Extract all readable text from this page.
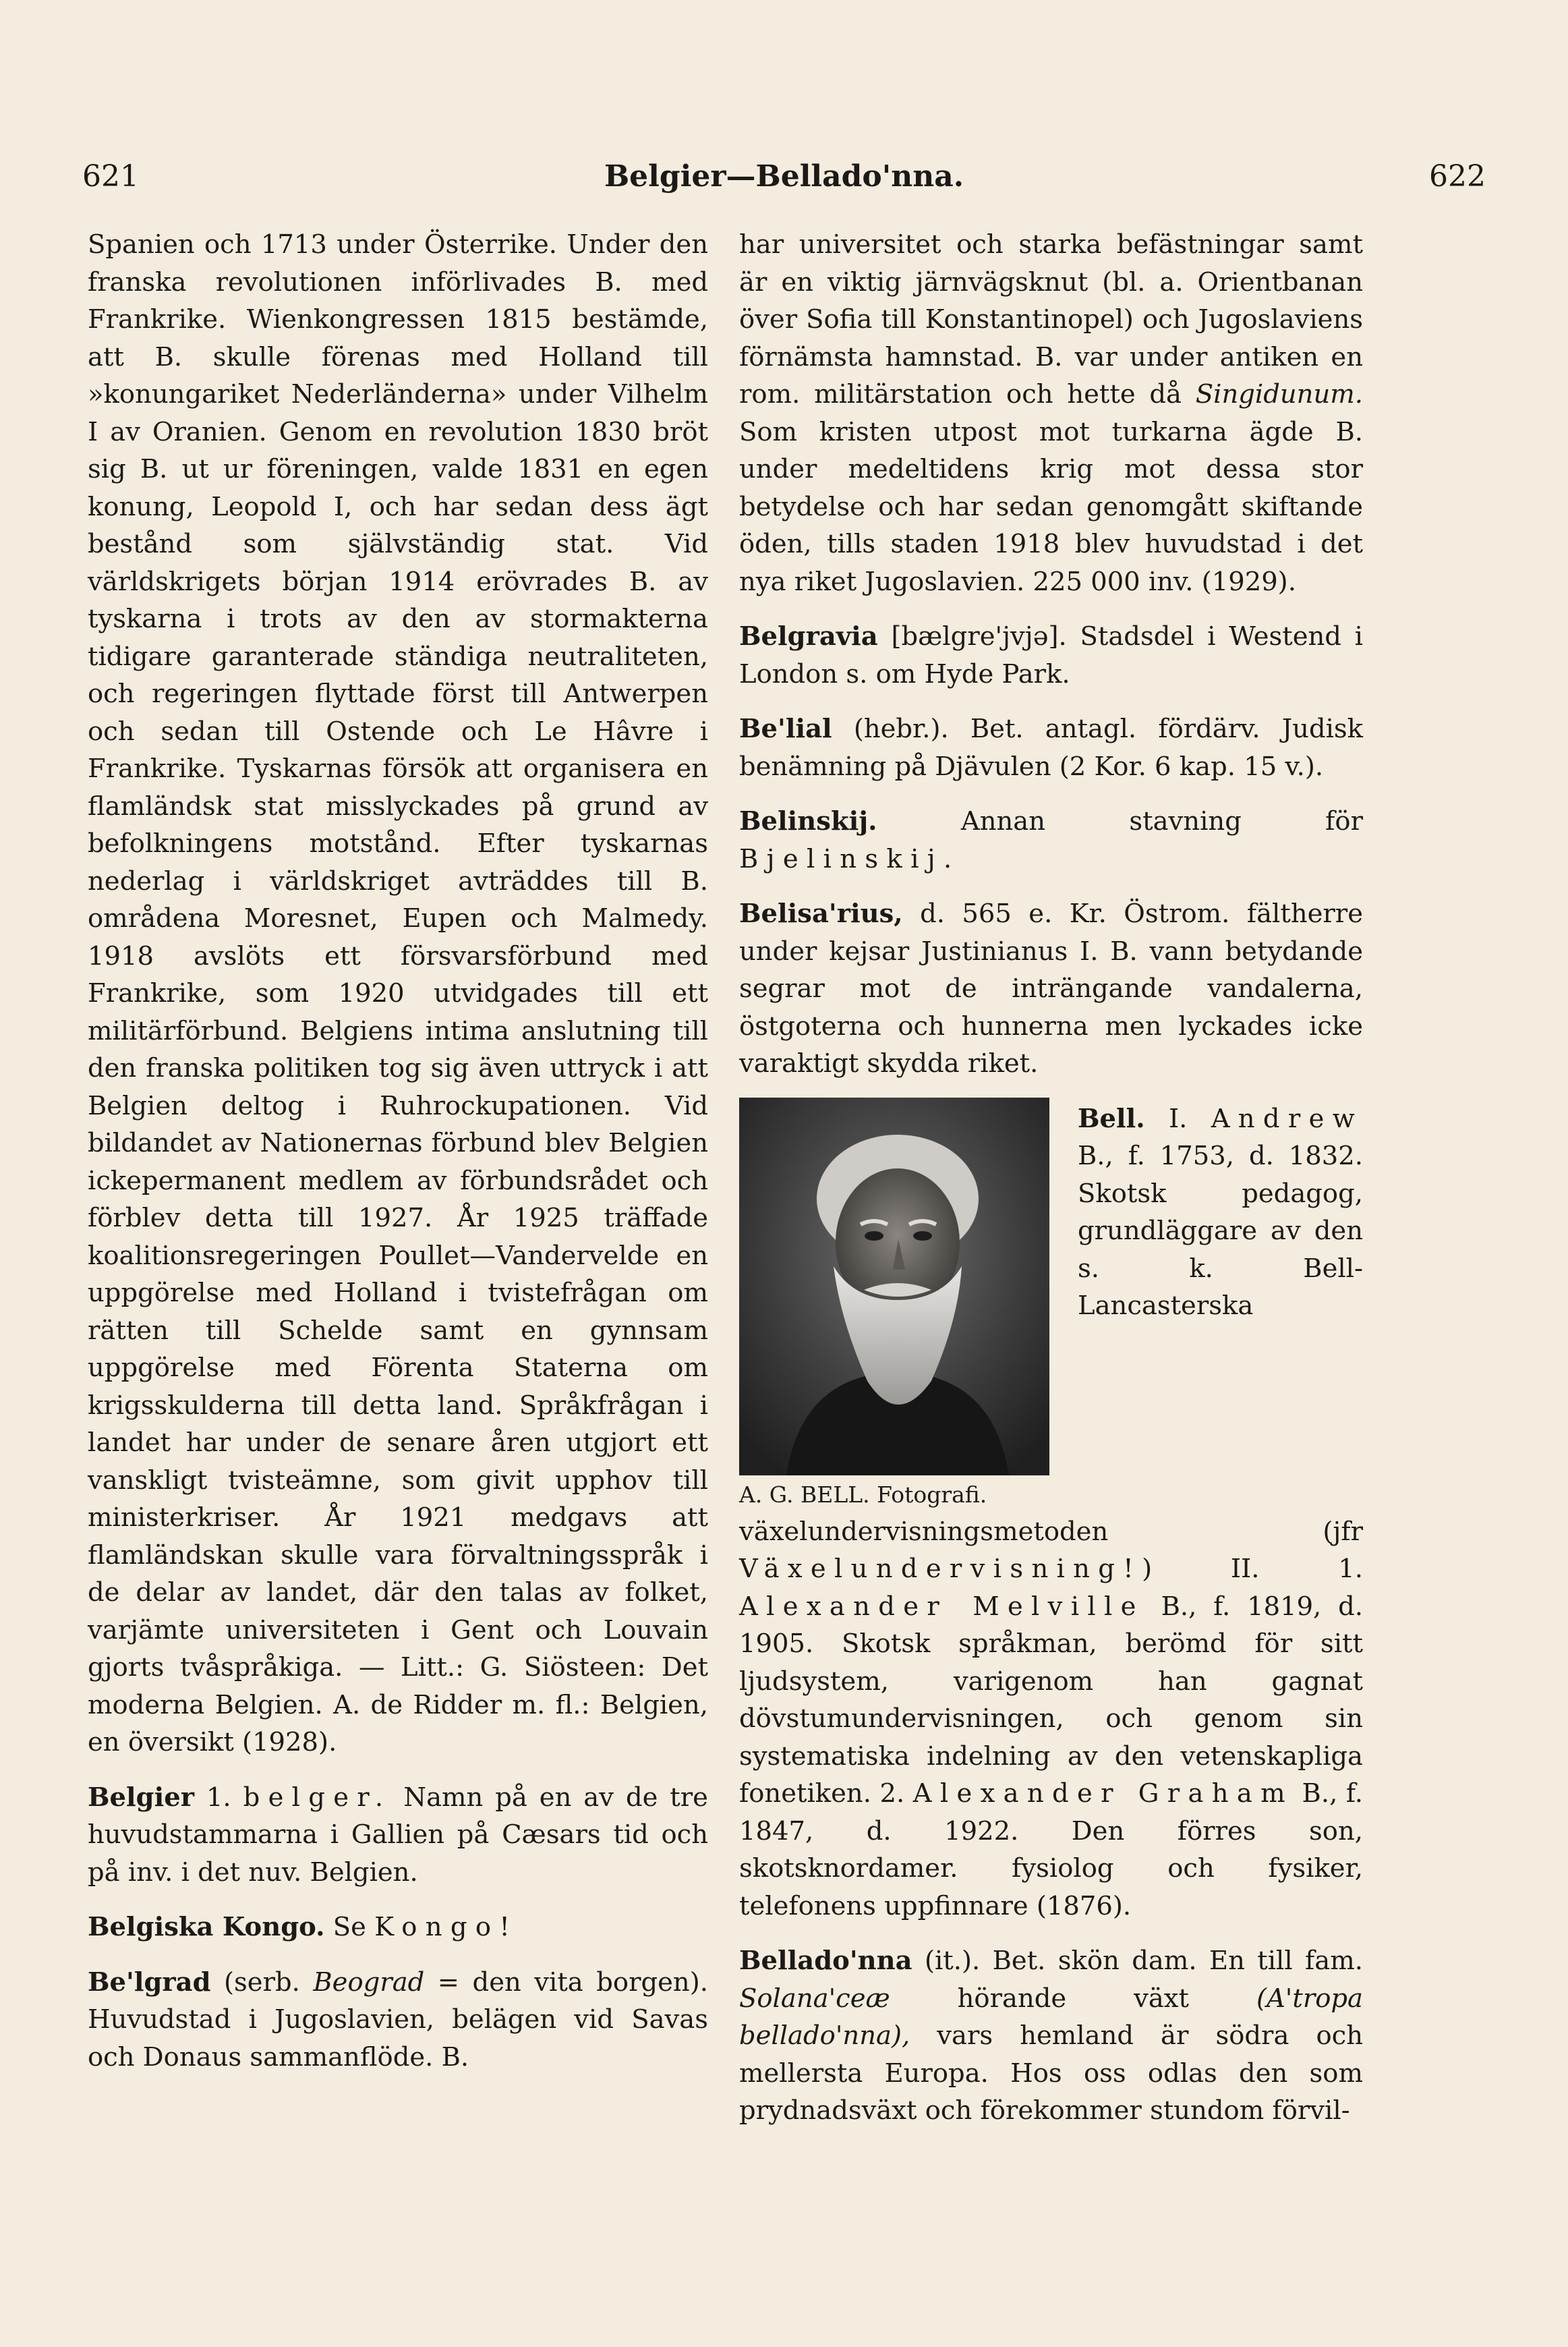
621	Belgier—Bellado'nna.	622

Spanien och 1713 under Österrike. Under den franska revolutionen införlivades B. med Frankrike. Wienkongressen 1815 bestämde, att B. skulle förenas med Holland till »konungariket Nederländerna» under Vilhelm I av Oranien. Genom en revolution 1830 bröt sig B. ut ur föreningen, valde 1831 en egen konung, Leopold I, och har sedan dess ägt bestånd som självständig stat. Vid världskrigets början 1914 erövrades B. av tyskarna i trots av den av stormakterna tidigare garanterade ständiga neutraliteten, och regeringen flyttade först till Antwerpen och sedan till Ostende och Le Hâvre i Frankrike. Tyskarnas försök att organisera en flamländsk stat misslyckades på grund av befolkningens motstånd. Efter tyskarnas nederlag i världskriget avträddes till B. områdena Moresnet, Eupen och Malmedy. 1918 avslöts ett försvarsförbund med Frankrike, som 1920 utvidgades till ett militärförbund. Belgiens intima anslutning till den franska politiken tog sig även uttryck i att Belgien deltog i Ruhrockupationen. Vid bildandet av Nationernas förbund blev Belgien ickepermanent medlem av förbundsrådet och förblev detta till 1927. År 1925 träffade koalitionsregeringen Poullet—Vandervelde en uppgörelse med Holland i tvistefrågan om rätten till Schelde samt en gynnsam uppgörelse med Förenta Staterna om krigsskulderna till detta land. Språkfrågan i landet har under de senare åren utgjort ett vanskligt tvisteämne, som givit upphov till ministerkriser. År 1921 medgavs att flamländskan skulle vara förvaltningsspråk i de delar av landet, där den talas av folket, varjämte universiteten i Gent och Louvain gjorts tvåspråkiga. — Litt.: G. Siösteen: Det moderna Belgien. A. de Ridder m. fl.: Belgien, en översikt (1928).

Belgier 1. belger. Namn på en av de tre huvudstammarna i Gallien på Cæsars tid och på inv. i det nuv. Belgien.

Belgiska Kongo. Se Kongo!

Be'lgrad (serb. Beograd = den vita borgen). Huvudstad i Jugoslavien, belägen vid Savas och Donaus sammanflöde. B.

har universitet och starka befästningar samt är en viktig järnvägsknut (bl. a. Orientbanan över Sofia till Konstantinopel) och Jugoslaviens förnämsta hamnstad. B. var under antiken en rom. militärstation och hette då Singidunum. Som kristen utpost mot turkarna ägde B. under medeltidens krig mot dessa stor betydelse och har sedan genomgått skiftande öden, tills staden 1918 blev huvudstad i det nya riket Jugoslavien. 225 000 inv. (1929).

Belgravia [bælgre'jvjə]. Stadsdel i Westend i London s. om Hyde Park.

Be'lial (hebr.). Bet. antagl. fördärv. Judisk benämning på Djävulen (2 Kor. 6 kap. 15 v.).

Belinskij.	Annan stavning för Bjelinskij.

Belisa'rius, d. 565 e. Kr. Östrom. fältherre under kejsar Justinianus I. B. vann betydande segrar mot de inträngande vandalerna, östgoterna och hunnerna men lyckades icke varaktigt skydda riket.

A. G. BELL. Fotografi.

Bell. I. Andrew B., f. 1753, d. 1832. Skotsk pedagog, grundläggare av den s. k. Bell-Lancasterska växelundervisningsmetoden (jfr Växelundervisning!) II. 1. Alexander Melville B., f. 1819, d. 1905. Skotsk språkman, berömd för sitt ljudsystem, varigenom han gagnat dövstumundervisningen, och genom sin systematiska indelning av den vetenskapliga fonetiken. 2. Alexander Graham B., f. 1847, d. 1922. Den förres son, skotsknordamer. fysiolog och fysiker, telefonens uppfinnare (1876).

Bellado'nna (it.). Bet. skön dam. En till fam. Solana'ceæ	hörande växt	(A'tropa bellado'nna), vars hemland är södra och mellersta Europa. Hos oss odlas den som prydnadsväxt och förekommer stundom förvil-
